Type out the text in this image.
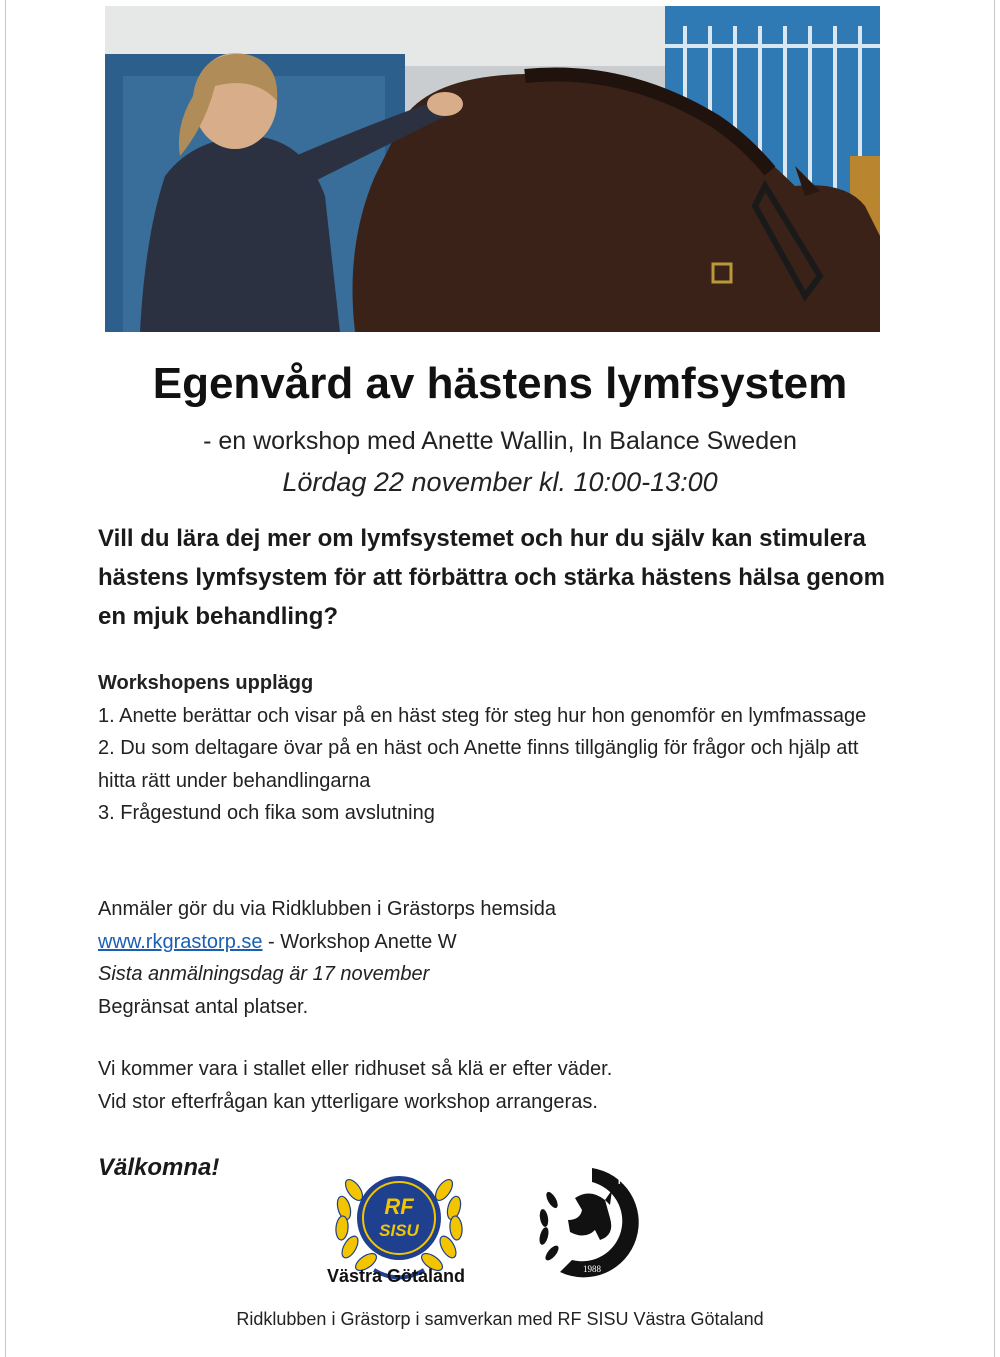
Egenvård av hästens lymfsystem
- en workshop med Anette Wallin, In Balance Sweden
Lördag 22 november kl. 10:00-13:00

Vill du lära dej mer om lymfsystemet och hur du själv kan stimulera hästens lymfsystem för att förbättra och stärka hästens hälsa genom en mjuk behandling?

Workshopens upplägg

1. Anette berättar och visar på en häst steg för steg hur hon genomför en lymfmassage

2. Du som deltagare övar på en häst och Anette finns tillgänglig för frågor och hjälp att hitta rätt under behandlingarna

3. Frågestund och fika som avslutning

Anmäler gör du via Ridklubben i Grästorps hemsida

www.rkgrastorp.se - Workshop Anette W

Sista anmälningsdag är 17 november

Begränsat antal platser.

Vi kommer vara i stallet eller ridhuset så klä er efter väder.

Vid stor efterfrågan kan ytterligare workshop arrangeras.

Välkomna!
RF
SISU
Västra Götaland
RIG
1988
Ridklubben i Grästorp i samverkan med RF SISU Västra Götaland
